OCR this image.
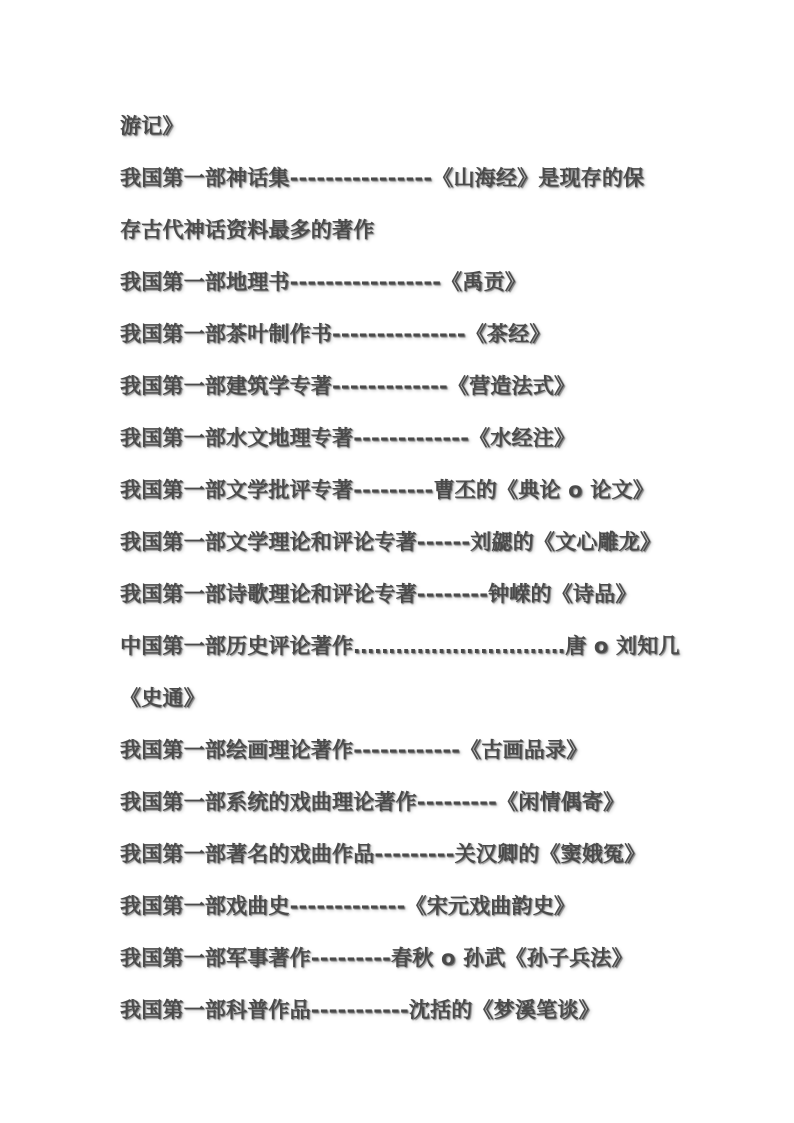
游记》
我国第一部神话集----------------《山海经》是现存的保
存古代神话资料最多的著作
我国第一部地理书-----------------《禹贡》
我国第一部茶叶制作书---------------《茶经》
我国第一部建筑学专著-------------《营造法式》
我国第一部水文地理专著-------------《水经注》
我国第一部文学批评专著---------曹丕的《典论 o 论文》
我国第一部文学理论和评论专著------刘勰的《文心雕龙》
我国第一部诗歌理论和评论专著--------钟嵘的《诗品》
中国第一部历史评论著作…………………………唐 o 刘知几
《史通》
我国第一部绘画理论著作------------《古画品录》
我国第一部系统的戏曲理论著作---------《闲情偶寄》
我国第一部著名的戏曲作品---------关汉卿的《窦娥冤》
我国第一部戏曲史-------------《宋元戏曲韵史》
我国第一部军事著作---------春秋 o 孙武《孙子兵法》
我国第一部科普作品-----------沈括的《梦溪笔谈》
